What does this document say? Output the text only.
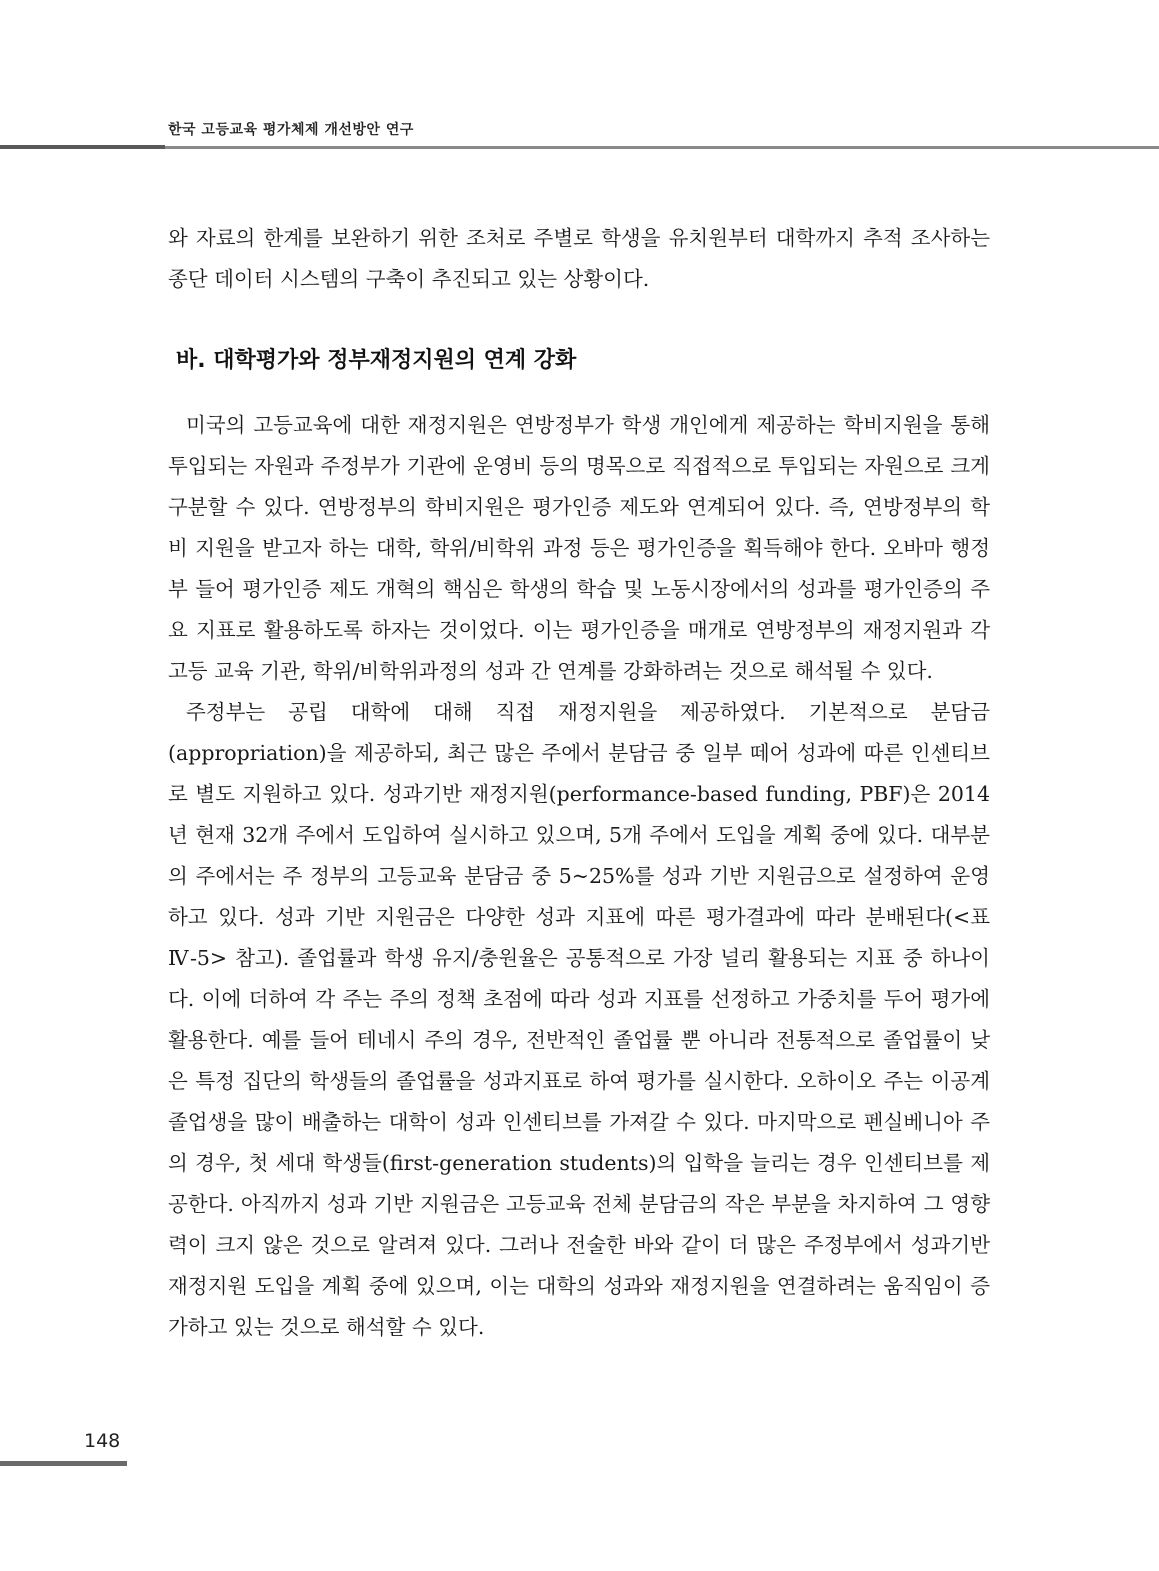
한국 고등교육 평가체제 개선방안 연구

와 자료의 한계를 보완하기 위한 조처로 주별로 학생을 유치원부터 대학까지 추적 조사하는 종단 데이터 시스템의 구축이 추진되고 있는 상황이다.

바. 대학평가와 정부재정지원의 연계 강화

미국의 고등교육에 대한 재정지원은 연방정부가 학생 개인에게 제공하는 학비지원을 통해 투입되는 자원과 주정부가 기관에 운영비 등의 명목으로 직접적으로 투입되는 자원으로 크게 구분할 수 있다. 연방정부의 학비지원은 평가인증 제도와 연계되어 있다. 즉, 연방정부의 학비 지원을 받고자 하는 대학, 학위/비학위 과정 등은 평가인증을 획득해야 한다. 오바마 행정부 들어 평가인증 제도 개혁의 핵심은 학생의 학습 및 노동시장에서의 성과를 평가인증의 주요 지표로 활용하도록 하자는 것이었다. 이는 평가인증을 매개로 연방정부의 재정지원과 각 고등 교육 기관, 학위/비학위과정의 성과 간 연계를 강화하려는 것으로 해석될 수 있다.

주정부는 공립 대학에 대해 직접 재정지원을 제공하였다. 기본적으로 분담금(appropriation)을 제공하되, 최근 많은 주에서 분담금 중 일부 떼어 성과에 따른 인센티브로 별도 지원하고 있다. 성과기반 재정지원(performance-based funding, PBF)은 2014년 현재 32개 주에서 도입하여 실시하고 있으며, 5개 주에서 도입을 계획 중에 있다. 대부분의 주에서는 주 정부의 고등교육 분담금 중 5~25%를 성과 기반 지원금으로 설정하여 운영하고 있다. 성과 기반 지원금은 다양한 성과 지표에 따른 평가결과에 따라 분배된다(<표 Ⅳ-5> 참고). 졸업률과 학생 유지/충원율은 공통적으로 가장 널리 활용되는 지표 중 하나이다. 이에 더하여 각 주는 주의 정책 초점에 따라 성과 지표를 선정하고 가중치를 두어 평가에 활용한다. 예를 들어 테네시 주의 경우, 전반적인 졸업률 뿐 아니라 전통적으로 졸업률이 낮은 특정 집단의 학생들의 졸업률을 성과지표로 하여 평가를 실시한다. 오하이오 주는 이공계 졸업생을 많이 배출하는 대학이 성과 인센티브를 가져갈 수 있다. 마지막으로 펜실베니아 주의 경우, 첫 세대 학생들(first-generation students)의 입학을 늘리는 경우 인센티브를 제공한다. 아직까지 성과 기반 지원금은 고등교육 전체 분담금의 작은 부분을 차지하여 그 영향력이 크지 않은 것으로 알려져 있다. 그러나 전술한 바와 같이 더 많은 주정부에서 성과기반 재정지원 도입을 계획 중에 있으며, 이는 대학의 성과와 재정지원을 연결하려는 움직임이 증가하고 있는 것으로 해석할 수 있다.

148
